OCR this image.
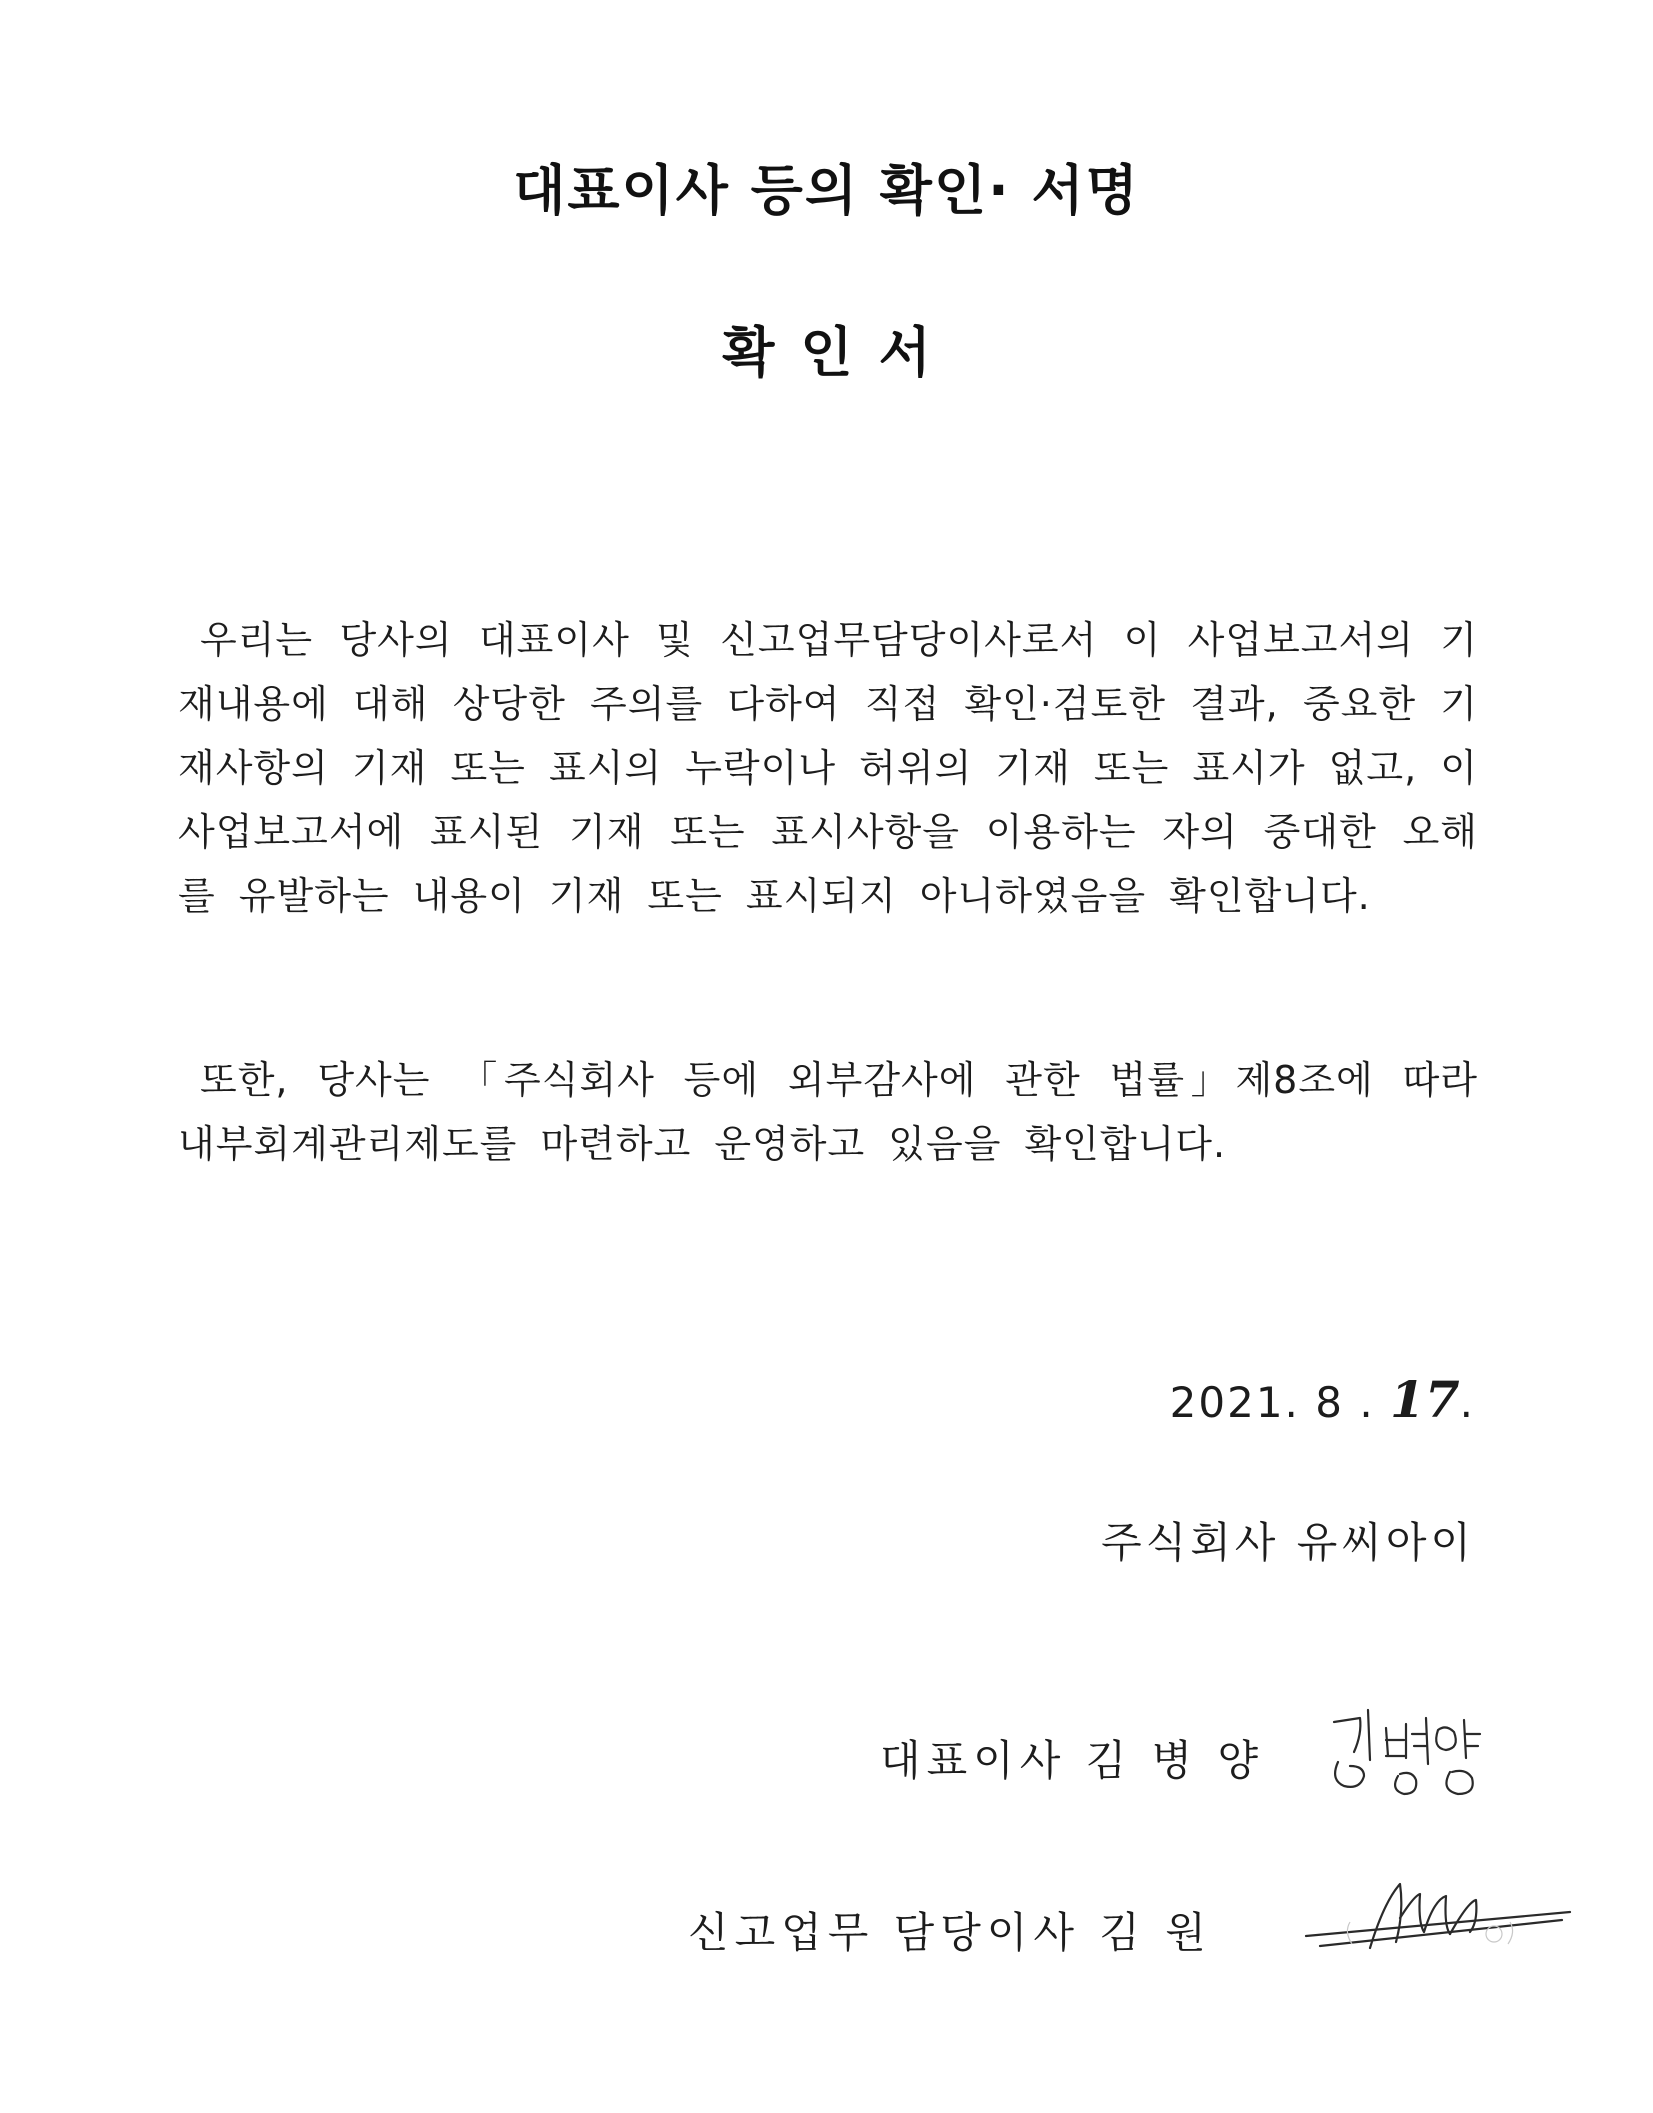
대표이사 등의 확인· 서명
확인서
우리는 당사의 대표이사 및 신고업무담당이사로서 이 사업보고서의 기재내용에 대해 상당한 주의를 다하여 직접 확인·검토한 결과, 중요한 기재사항의 기재 또는 표시의 누락이나 허위의 기재 또는 표시가 없고, 이 사업보고서에 표시된 기재 또는 표시사항을 이용하는 자의 중대한 오해를 유발하는 내용이 기재 또는 표시되지 아니하였음을 확인합니다.
또한, 당사는 「주식회사 등에 외부감사에 관한 법률」제8조에 따라 내부회계관리제도를 마련하고 운영하고 있음을 확인합니다.
2021. 8 . 17.
주식회사 유씨아이
대표이사 김 병 양
신고업무 담당이사 김 원
